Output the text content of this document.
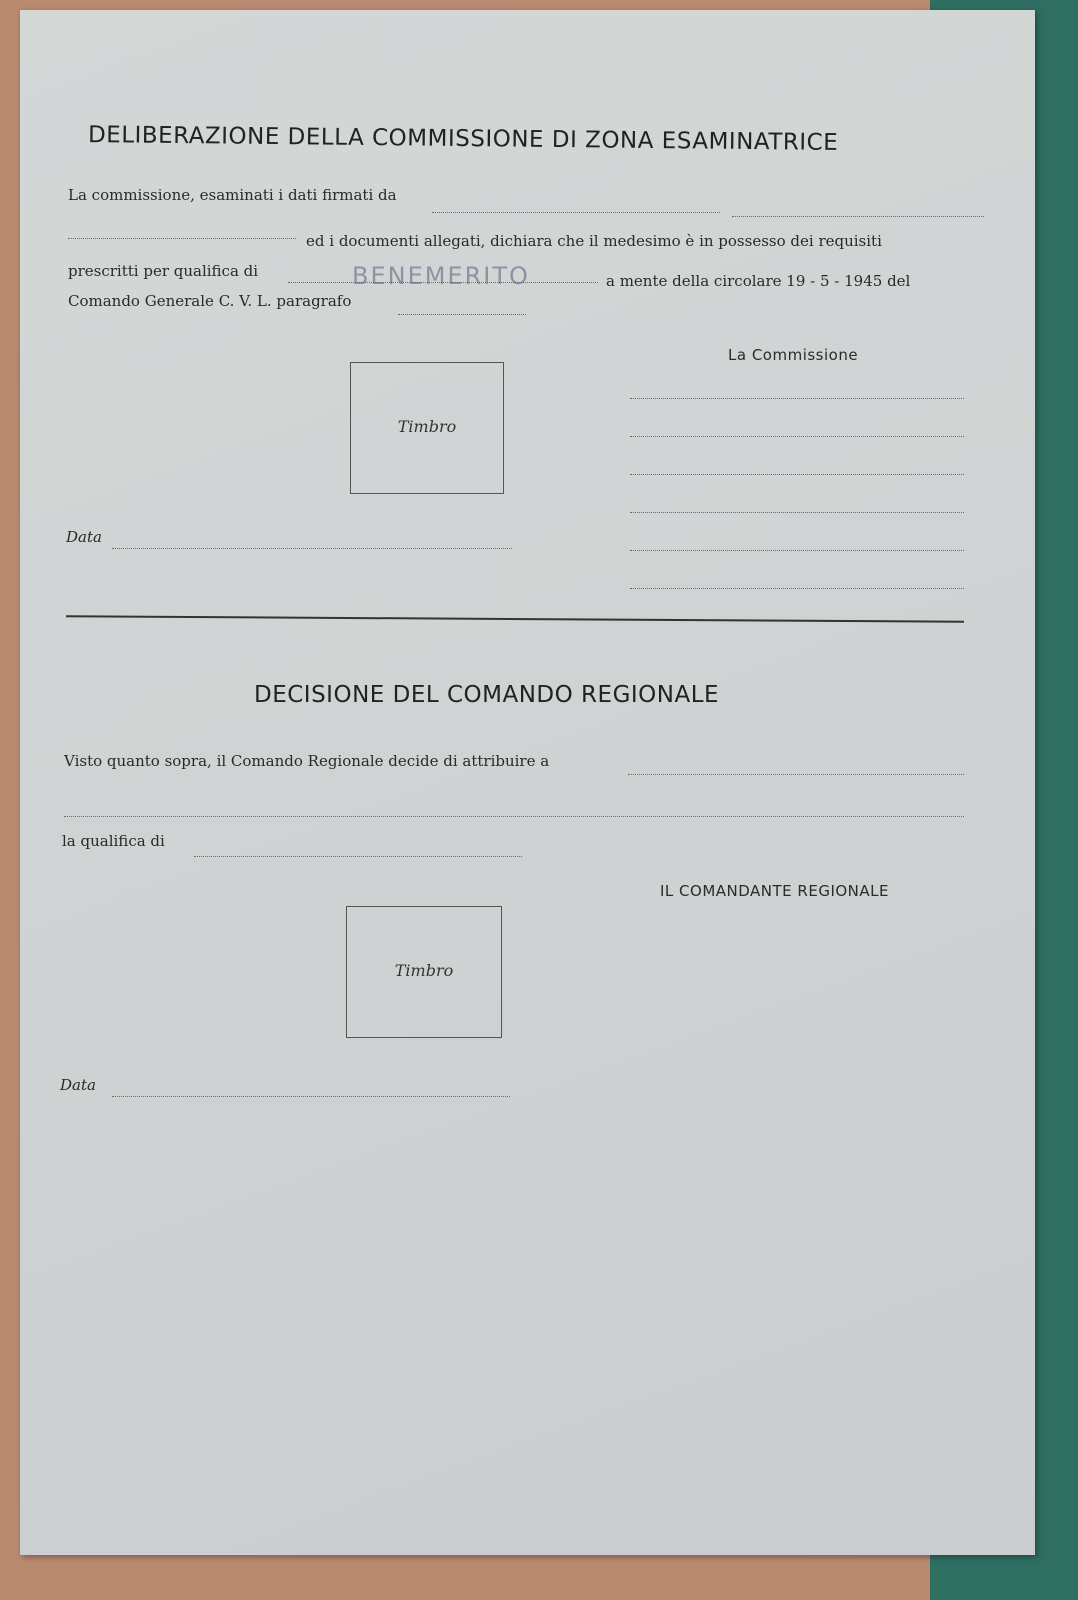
DELIBERAZIONE DELLA COMMISSIONE DI ZONA ESAMINATRICE
La commissione, esaminati i dati firmati da
ed i documenti allegati, dichiara che il medesimo è in possesso dei requisiti
prescritti per qualifica di	BENEMERITO	a mente della circolare 19 - 5 - 1945 del
Comando Generale C. V. L. paragrafo
La Commissione
Timbro
Data
DECISIONE DEL COMANDO REGIONALE
Visto quanto sopra, il Comando Regionale decide di attribuire a
la qualifica di
IL COMANDANTE REGIONALE
Timbro
Data
